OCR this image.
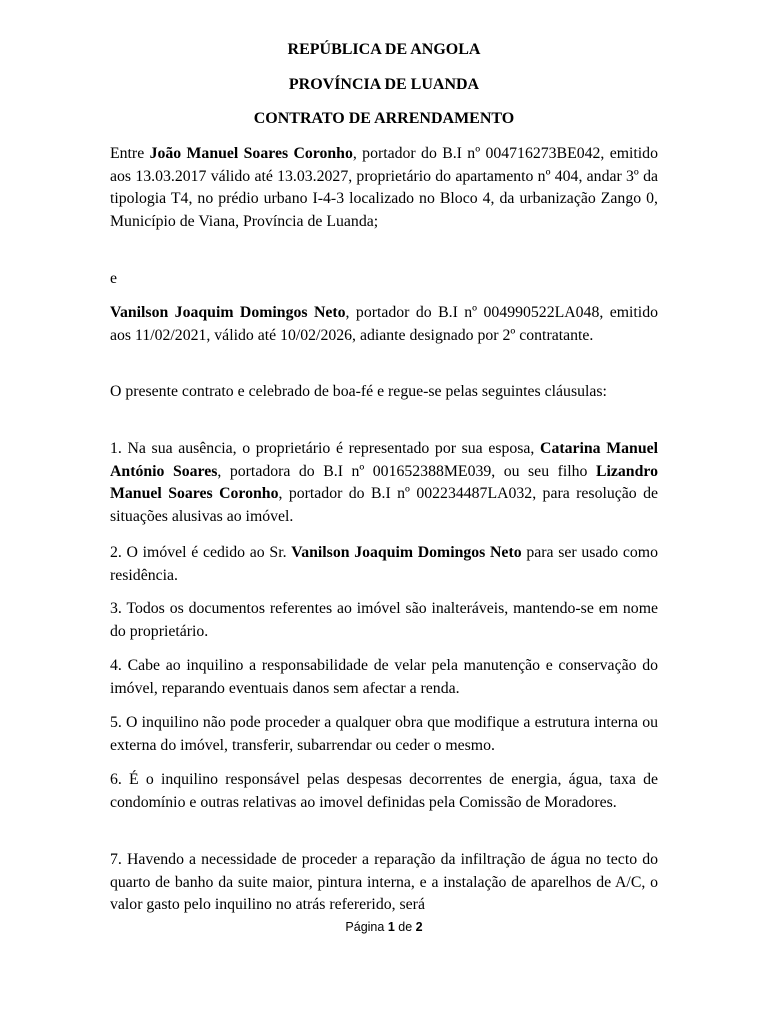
REPÚBLICA DE ANGOLA

PROVÍNCIA DE LUANDA

CONTRATO DE ARRENDAMENTO

Entre João Manuel Soares Coronho, portador do B.I nº 004716273BE042, emitido aos 13.03.2017 válido até 13.03.2027, proprietário do apartamento nº 404, andar 3º da tipologia T4, no prédio urbano I-4-3 localizado no Bloco 4, da urbanização Zango 0, Município de Viana, Província de Luanda;

e

Vanilson Joaquim Domingos Neto, portador do B.I nº 004990522LA048, emitido aos 11/02/2021, válido até 10/02/2026, adiante designado por 2º contratante.

O presente contrato e celebrado de boa-fé e regue-se pelas seguintes cláusulas:

1. Na sua ausência, o proprietário é representado por sua esposa, Catarina Manuel António Soares, portadora do B.I nº 001652388ME039, ou seu filho Lizandro Manuel Soares Coronho, portador do B.I nº 002234487LA032, para resolução de situações alusivas ao imóvel.

2. O imóvel é cedido ao Sr. Vanilson Joaquim Domingos Neto para ser usado como residência.

3. Todos os documentos referentes ao imóvel são inalteráveis, mantendo-se em nome do proprietário.

4. Cabe ao inquilino a responsabilidade de velar pela manutenção e conservação do imóvel, reparando eventuais danos sem afectar a renda.

5. O inquilino não pode proceder a qualquer obra que modifique a estrutura interna ou externa do imóvel, transferir, subarrendar ou ceder o mesmo.

6. É o inquilino responsável pelas despesas decorrentes de energia, água, taxa de condomínio e outras relativas ao imovel definidas pela Comissão de Moradores.

7. Havendo a necessidade de proceder a reparação da infiltração de água no tecto do quarto de banho da suite maior, pintura interna, e a instalação de aparelhos de A/C, o valor gasto pelo inquilino no atrás refererido, será

Página 1 de 2
